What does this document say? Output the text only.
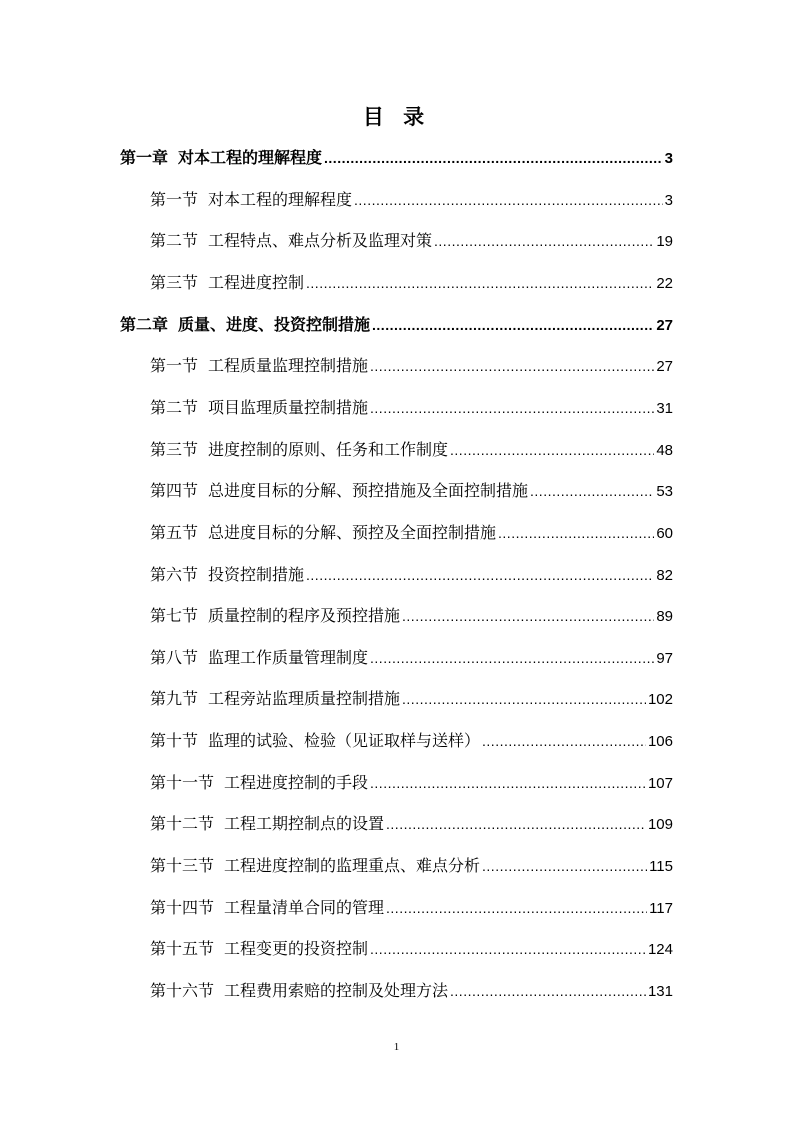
目 录
第一章 对本工程的理解程度 .....	3
第一节 对本工程的理解程度 .....	3
第二节 工程特点、难点分析及监理对策 .....	19
第三节 工程进度控制 .....	22
第二章 质量、进度、投资控制措施 .....	27
第一节 工程质量监理控制措施 .....	27
第二节 项目监理质量控制措施 .....	31
第三节 进度控制的原则、任务和工作制度 .....	48
第四节 总进度目标的分解、预控措施及全面控制措施 .....	53
第五节 总进度目标的分解、预控及全面控制措施 .....	60
第六节 投资控制措施 .....	82
第七节 质量控制的程序及预控措施 .....	89
第八节 监理工作质量管理制度 .....	97
第九节 工程旁站监理质量控制措施 .....	102
第十节 监理的试验、检验（见证取样与送样） .....	106
第十一节 工程进度控制的手段 .....	107
第十二节 工程工期控制点的设置 .....	109
第十三节 工程进度控制的监理重点、难点分析 .....	115
第十四节 工程量清单合同的管理 .....	117
第十五节 工程变更的投资控制 .....	124
第十六节 工程费用索赔的控制及处理方法 .....	131
1
